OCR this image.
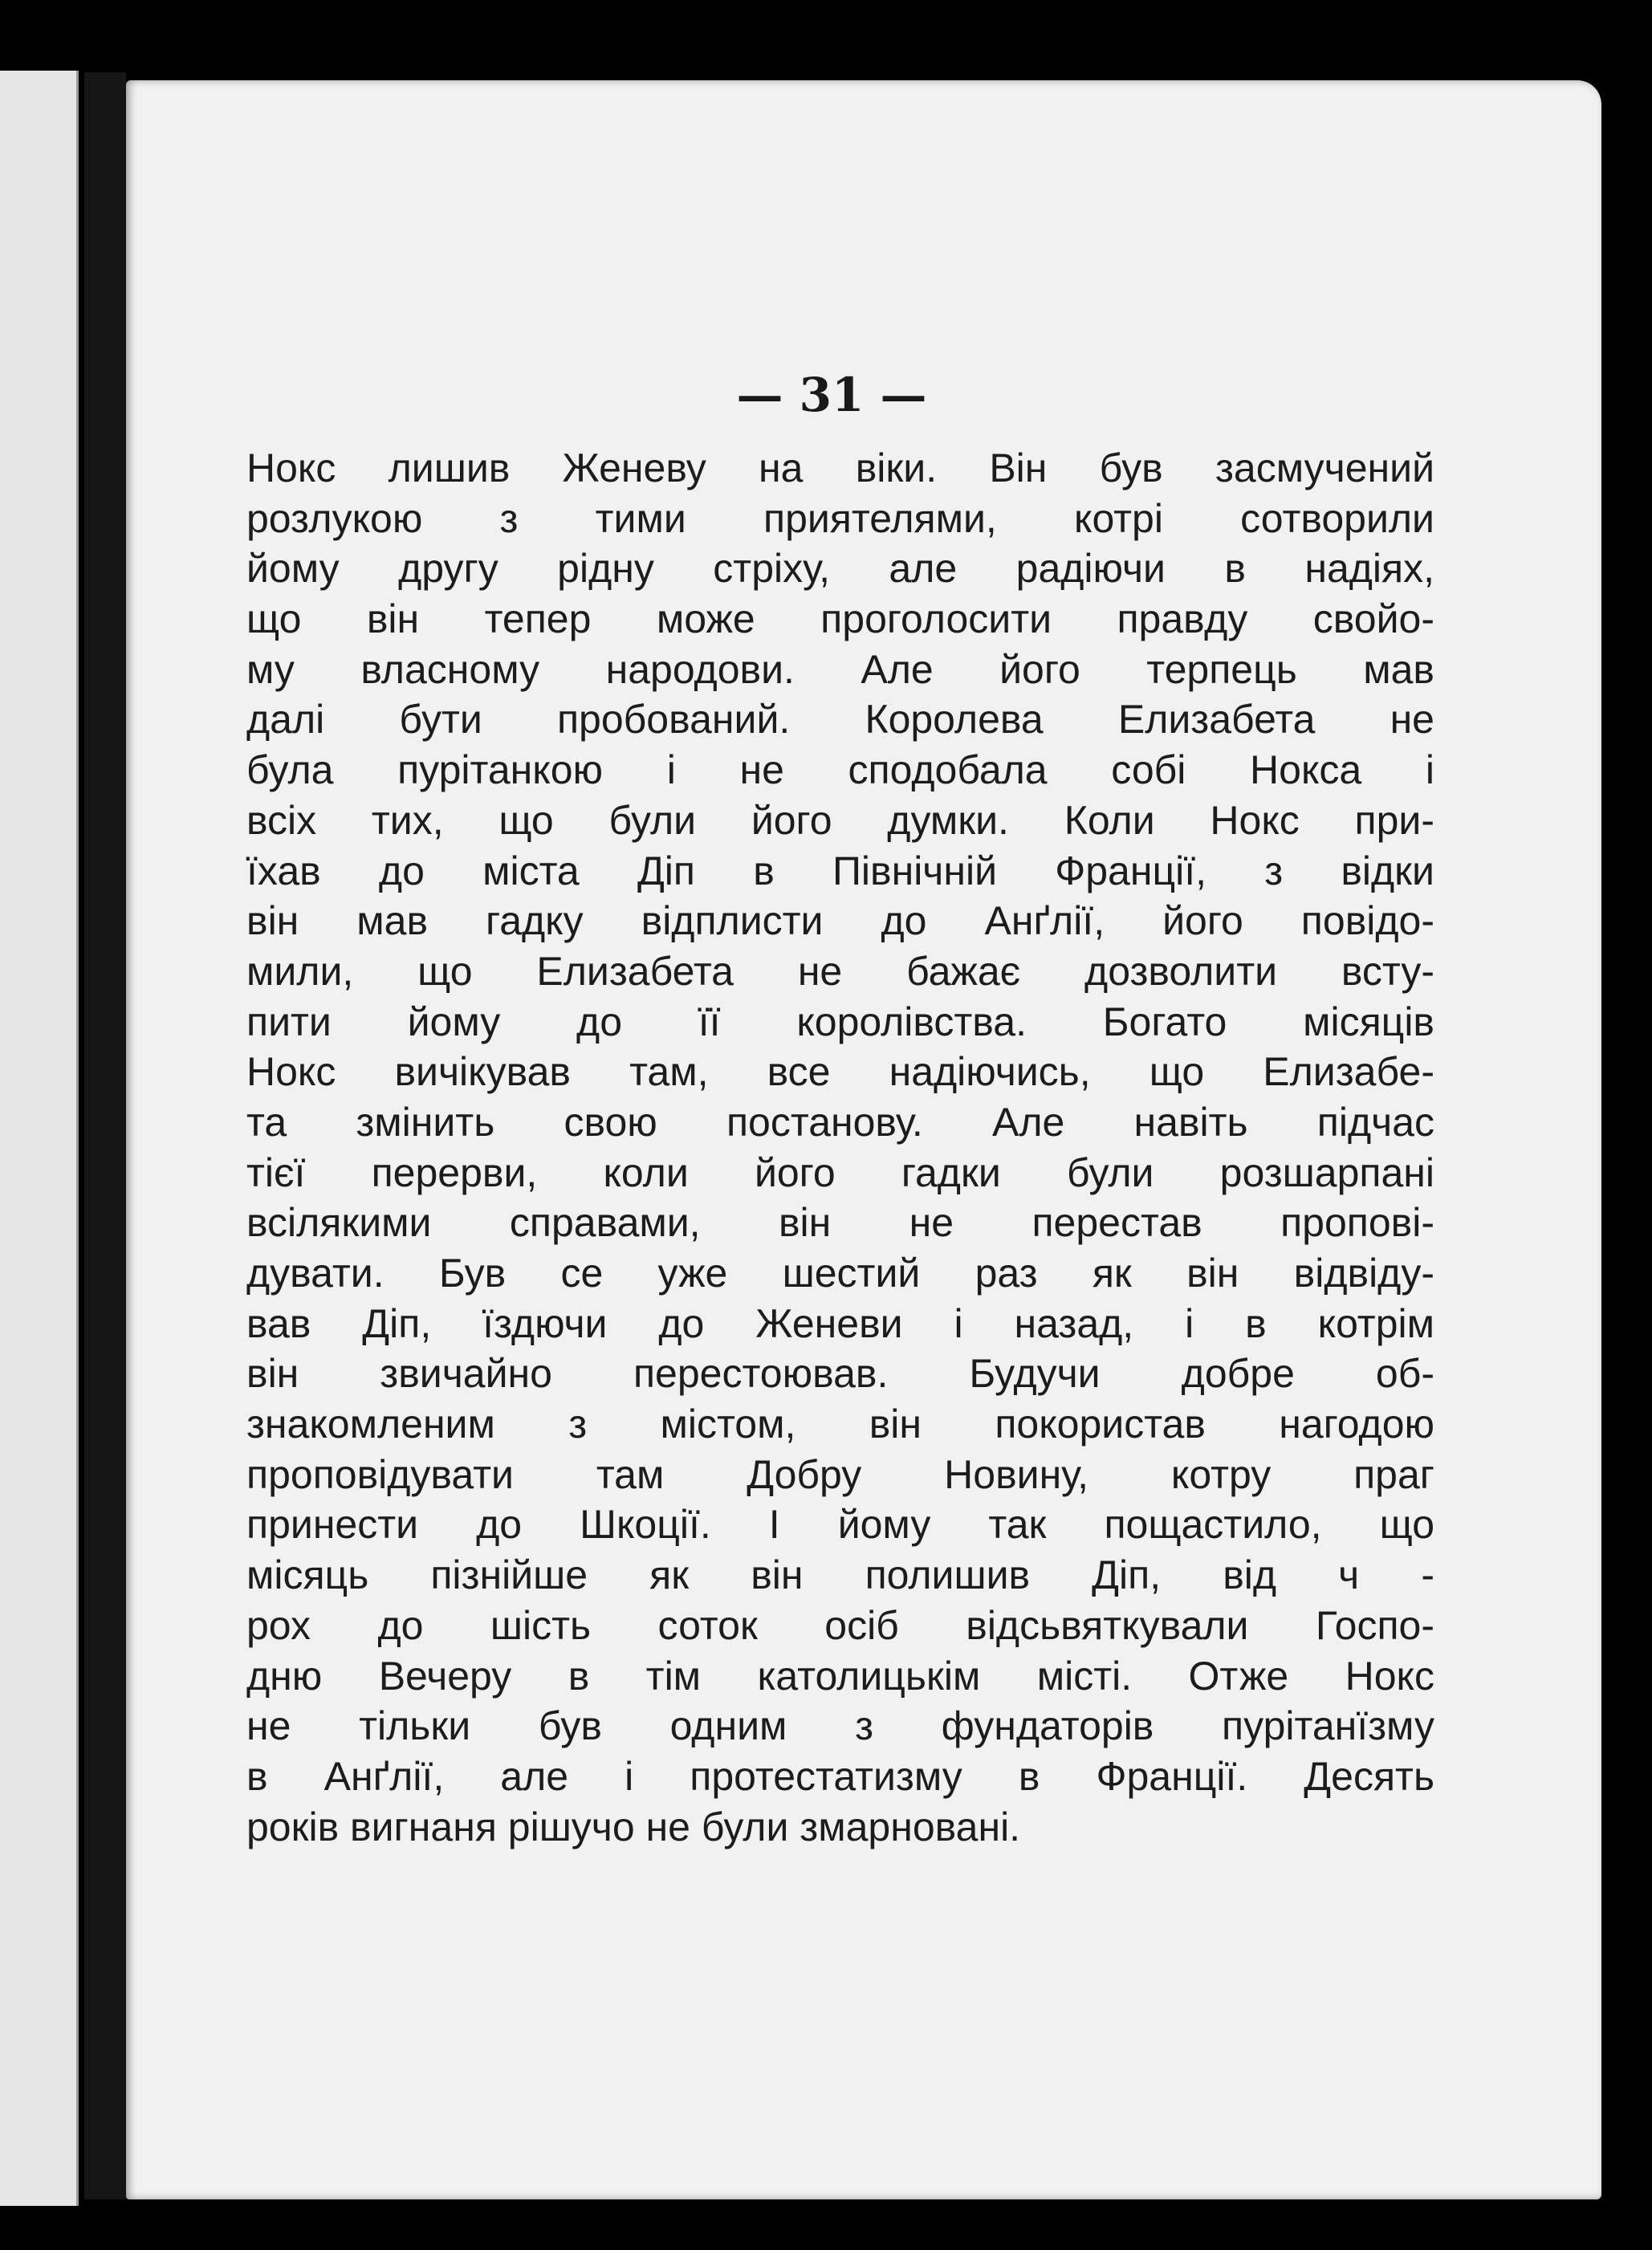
— 31 —
Нокс лишив Женеву на віки. Він був засмучений
розлукою з тими приятелями, котрі сотворили
йому другу рідну стріху, але радіючи в надіях,
що він тепер може проголосити правду свойо-
му власному народови. Але його терпець мав
далі бути пробований. Королева Елизабета не
була пурітанкою і не сподобала собі Нокса і
всіх тих, що були його думки. Коли Нокс при-
їхав до міста Діп в Північній Франції, з відки
він мав гадку відплисти до Анґлії, його повідо-
мили, що Елизабета не бажає дозволити всту-
пити йому до її королівства. Богато місяців
Нокс вичікував там, все надіючись, що Елизабе-
та змінить свою постанову. Але навіть підчас
тієї перерви, коли його гадки були розшарпані
всілякими справами, він не перестав пропові-
дувати. Був се уже шестий раз як він відвіду-
вав Діп, їздючи до Женеви і назад, і в котрім
він звичайно перестоював. Будучи добре об-
знакомленим з містом, він покористав нагодою
проповідувати там Добру Новину, котру праг
принести до Шкоції. І йому так пощастило, що
місяць пізнійше як він полишив Діп, від ч -
рох до шість соток осіб відсьвяткували Госпо-
дню Вечеру в тім католицькім місті. Отже Нокс
не тільки був одним з фундаторів пурітанїзму
в Анґлії, але і протестатизму в Франції. Десять
років вигнаня рішучо не були змарновані.
